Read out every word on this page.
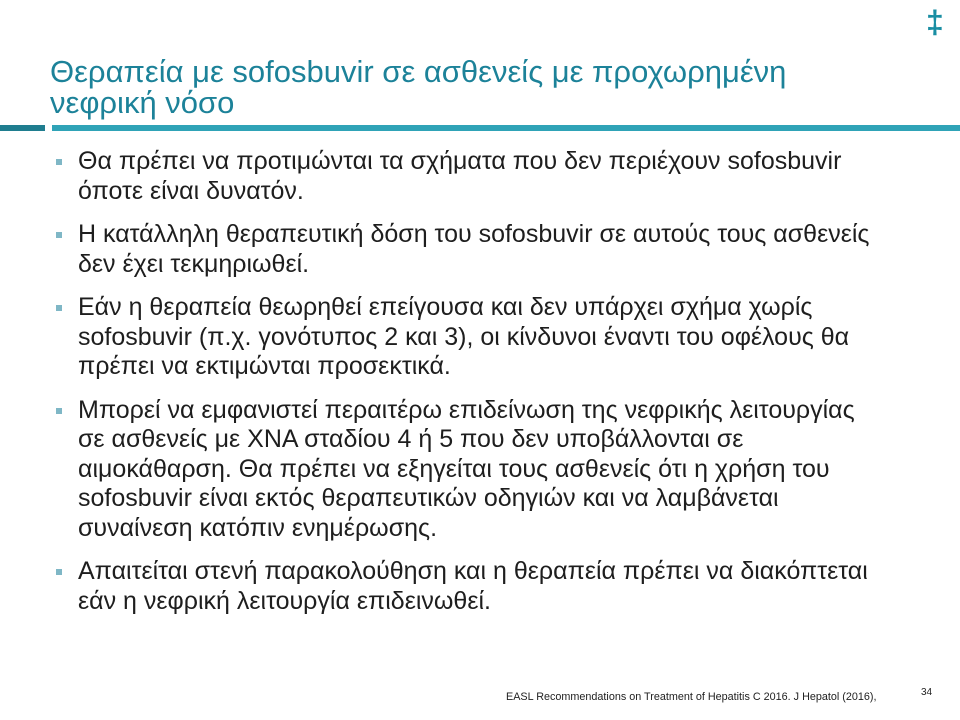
‡
Θεραπεία με sofosbuvir σε ασθενείς με προχωρημένη
νεφρική νόσο
Θα πρέπει να προτιμώνται τα σχήματα που δεν περιέχουν sofosbuvir
όποτε είναι δυνατόν.
Η κατάλληλη θεραπευτική δόση του sofosbuvir σε αυτούς τους ασθενείς
δεν έχει τεκμηριωθεί.
Εάν η θεραπεία θεωρηθεί επείγουσα και δεν υπάρχει σχήμα χωρίς
sofosbuvir (π.χ. γονότυπος 2 και 3), οι κίνδυνοι έναντι του οφέλους θα
πρέπει να εκτιμώνται προσεκτικά.
Μπορεί να εμφανιστεί περαιτέρω επιδείνωση της νεφρικής λειτουργίας
σε ασθενείς με ΧΝΑ σταδίου 4 ή 5 που δεν υποβάλλονται σε
αιμοκάθαρση. Θα πρέπει να εξηγείται τους ασθενείς ότι η χρήση του
sofosbuvir είναι εκτός θεραπευτικών οδηγιών και να λαμβάνεται
συναίνεση κατόπιν ενημέρωσης.
Απαιτείται στενή παρακολούθηση και η θεραπεία πρέπει να διακόπτεται
εάν η νεφρική λειτουργία επιδεινωθεί.
EASL Recommendations on Treatment of Hepatitis C 2016. J Hepatol (2016),	34
